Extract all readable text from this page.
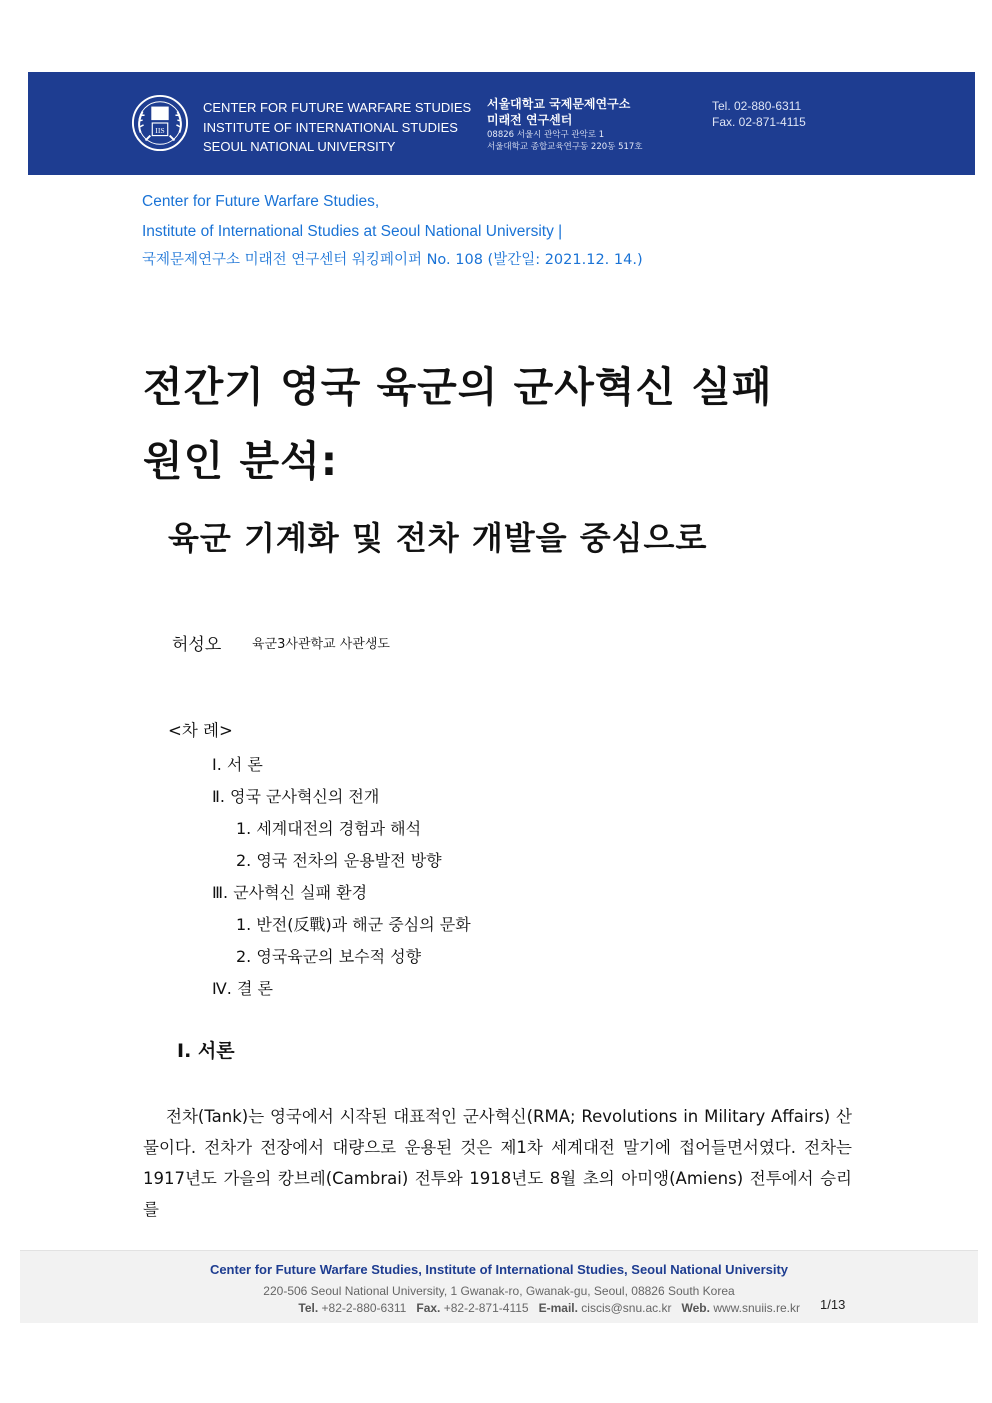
IIS
CENTER FOR FUTURE WARFARE STUDIES
INSTITUTE OF INTERNATIONAL STUDIES
SEOUL NATIONAL UNIVERSITY
서울대학교 국제문제연구소
미래전 연구센터
08826 서울시 관악구 관악로 1
서울대학교 종합교육연구동 220동 517호
Tel. 02-880-6311
Fax. 02-871-4115
Center for Future Warfare Studies,
Institute of International Studies at Seoul National University |
국제문제연구소 미래전 연구센터 워킹페이퍼 No. 108 (발간일: 2021.12. 14.)
전간기 영국 육군의 군사혁신 실패
원인 분석:
육군 기계화 및 전차 개발을 중심으로
허성오 육군3사관학교 사관생도
<차 례>
Ⅰ. 서 론
Ⅱ. 영국 군사혁신의 전개
1. 세계대전의 경험과 해석
2. 영국 전차의 운용발전 방향
Ⅲ. 군사혁신 실패 환경
1. 반전(反戰)과 해군 중심의 문화
2. 영국육군의 보수적 성향
Ⅳ. 결 론
Ⅰ. 서론
전차(Tank)는 영국에서 시작된 대표적인 군사혁신(RMA; Revolutions in Military Affairs) 산물이다. 전차가 전장에서 대량으로 운용된 것은 제1차 세계대전 말기에 접어들면서였다. 전차는 1917년도 가을의 캉브레(Cambrai) 전투와 1918년도 8월 초의 아미앵(Amiens) 전투에서 승리를
Center for Future Warfare Studies, Institute of International Studies, Seoul National University
220-506 Seoul National University, 1 Gwanak-ro, Gwanak-gu, Seoul, 08826 South Korea
Tel. +82-2-880-6311 Fax. +82-2-871-4115 E-mail. ciscis@snu.ac.kr Web. www.snuiis.re.kr 1/13
